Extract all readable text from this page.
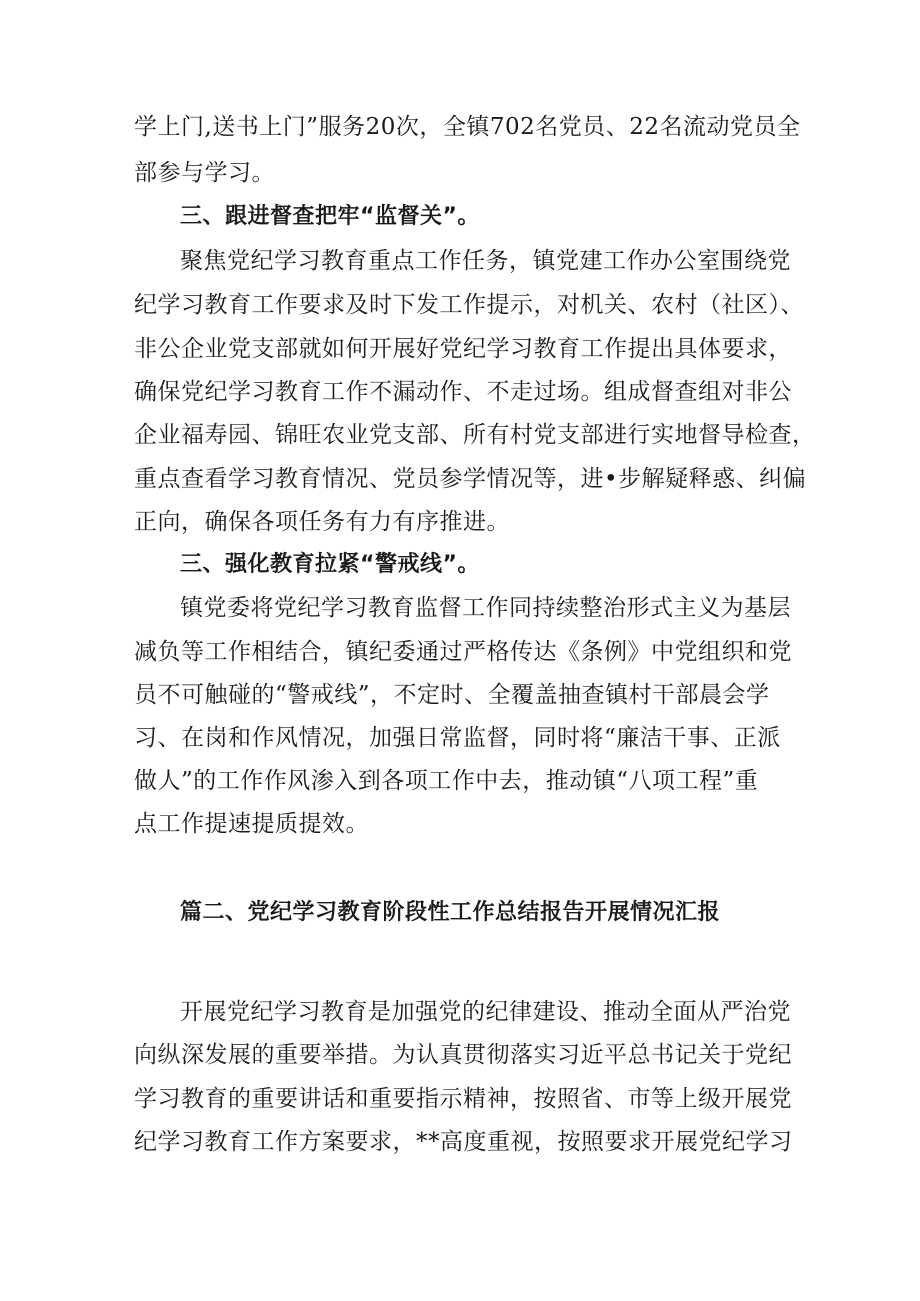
学上门,送书上门”服务20次，全镇702名党员、22名流动党员全
部参与学习。
三、跟进督查把牢“监督关”。
聚焦党纪学习教育重点工作任务，镇党建工作办公室围绕党
纪学习教育工作要求及时下发工作提示，对机关、农村（社区）、
非公企业党支部就如何开展好党纪学习教育工作提出具体要求，
确保党纪学习教育工作不漏动作、不走过场。组成督查组对非公
企业福寿园、锦旺农业党支部、所有村党支部进行实地督导检查，
重点查看学习教育情况、党员参学情况等，进•步解疑释惑、纠偏
正向，确保各项任务有力有序推进。
三、强化教育拉紧“警戒线”。
镇党委将党纪学习教育监督工作同持续整治形式主义为基层
减负等工作相结合，镇纪委通过严格传达《条例》中党组织和党
员不可触碰的“警戒线”，不定时、全覆盖抽查镇村干部晨会学
习、在岗和作风情况，加强日常监督，同时将“廉洁干事、正派
做人”的工作作风渗入到各项工作中去，推动镇“八项工程”重
点工作提速提质提效。
篇二、党纪学习教育阶段性工作总结报告开展情况汇报
开展党纪学习教育是加强党的纪律建设、推动全面从严治党
向纵深发展的重要举措。为认真贯彻落实习近平总书记关于党纪
学习教育的重要讲话和重要指示精神，按照省、市等上级开展党
纪学习教育工作方案要求，**高度重视，按照要求开展党纪学习
